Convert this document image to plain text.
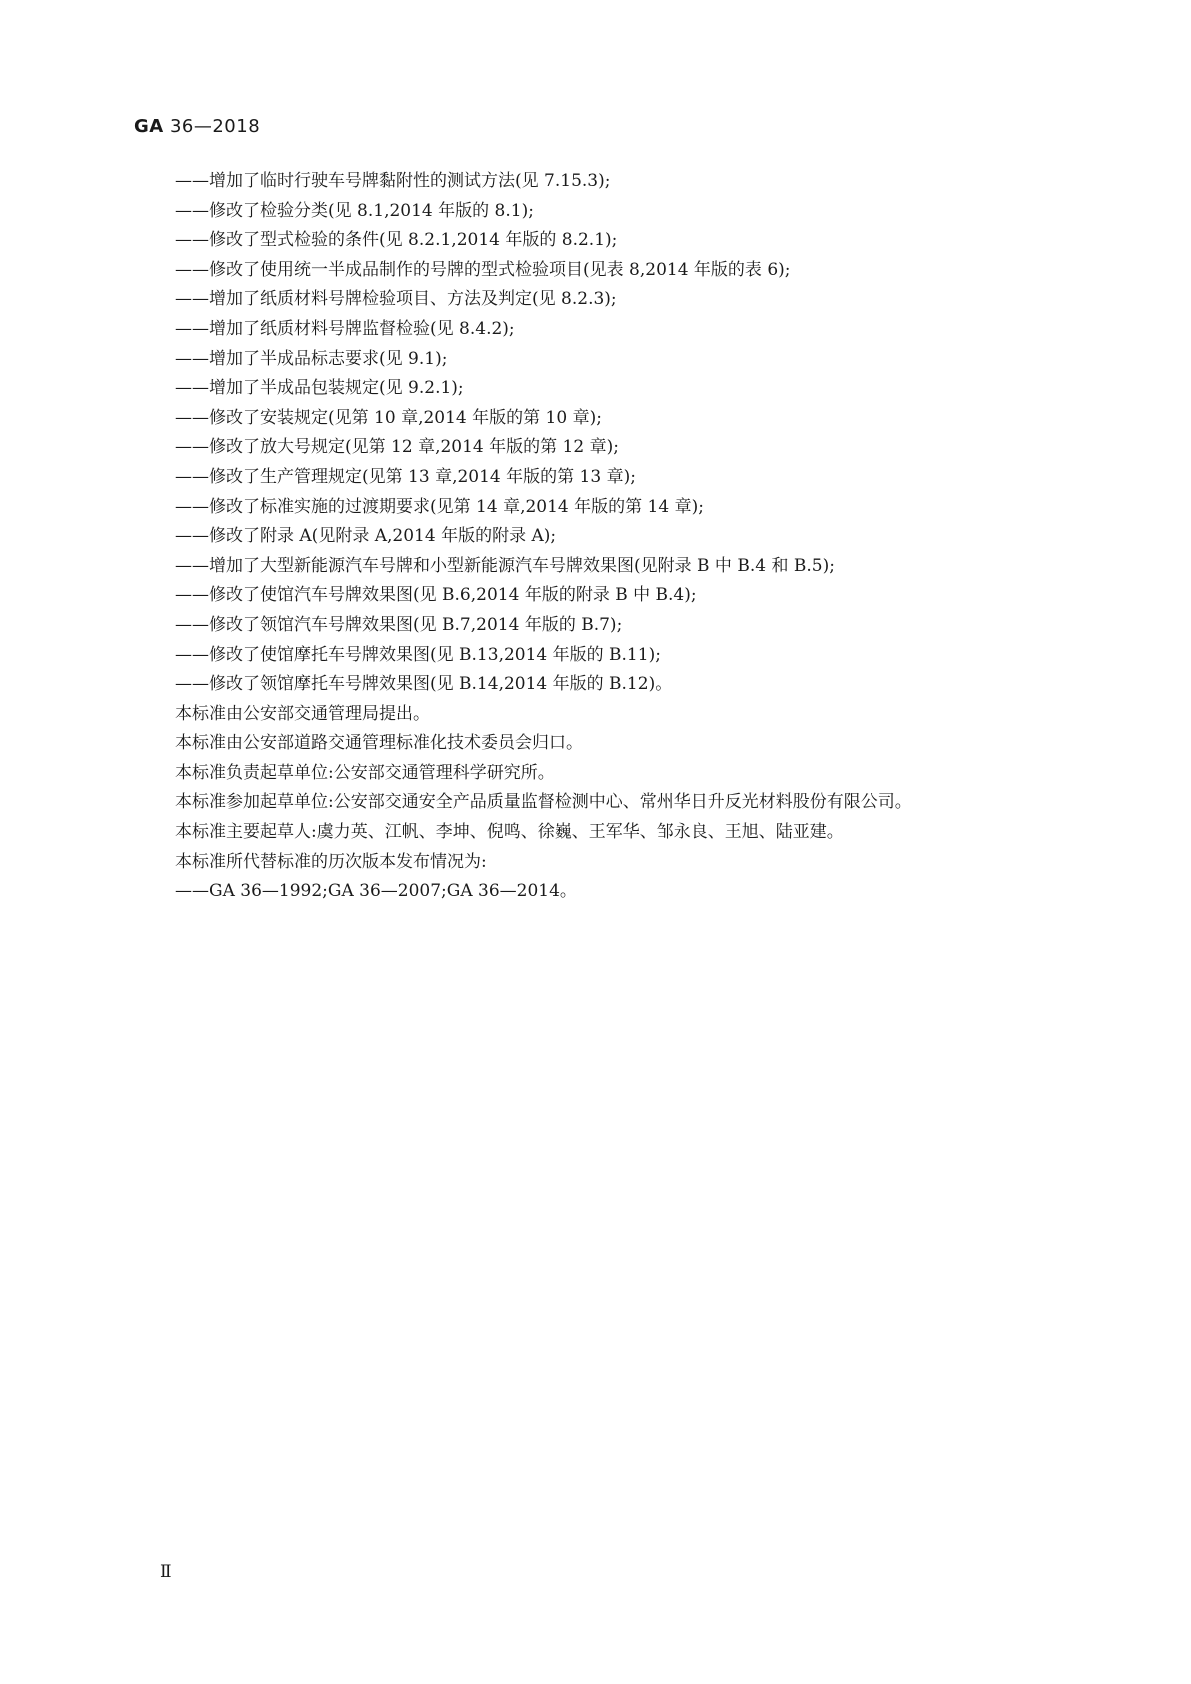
GA 36—2018
——增加了临时行驶车号牌黏附性的测试方法(见 7.15.3);
——修改了检验分类(见 8.1,2014 年版的 8.1);
——修改了型式检验的条件(见 8.2.1,2014 年版的 8.2.1);
——修改了使用统一半成品制作的号牌的型式检验项目(见表 8,2014 年版的表 6);
——增加了纸质材料号牌检验项目、方法及判定(见 8.2.3);
——增加了纸质材料号牌监督检验(见 8.4.2);
——增加了半成品标志要求(见 9.1);
——增加了半成品包装规定(见 9.2.1);
——修改了安装规定(见第 10 章,2014 年版的第 10 章);
——修改了放大号规定(见第 12 章,2014 年版的第 12 章);
——修改了生产管理规定(见第 13 章,2014 年版的第 13 章);
——修改了标准实施的过渡期要求(见第 14 章,2014 年版的第 14 章);
——修改了附录 A(见附录 A,2014 年版的附录 A);
——增加了大型新能源汽车号牌和小型新能源汽车号牌效果图(见附录 B 中 B.4 和 B.5);
——修改了使馆汽车号牌效果图(见 B.6,2014 年版的附录 B 中 B.4);
——修改了领馆汽车号牌效果图(见 B.7,2014 年版的 B.7);
——修改了使馆摩托车号牌效果图(见 B.13,2014 年版的 B.11);
——修改了领馆摩托车号牌效果图(见 B.14,2014 年版的 B.12)。
本标准由公安部交通管理局提出。
本标准由公安部道路交通管理标准化技术委员会归口。
本标准负责起草单位:公安部交通管理科学研究所。
本标准参加起草单位:公安部交通安全产品质量监督检测中心、常州华日升反光材料股份有限公司。
本标准主要起草人:虞力英、江帆、李坤、倪鸣、徐巍、王军华、邹永良、王旭、陆亚建。
本标准所代替标准的历次版本发布情况为:
——GA 36—1992;GA 36—2007;GA 36—2014。
Ⅱ
